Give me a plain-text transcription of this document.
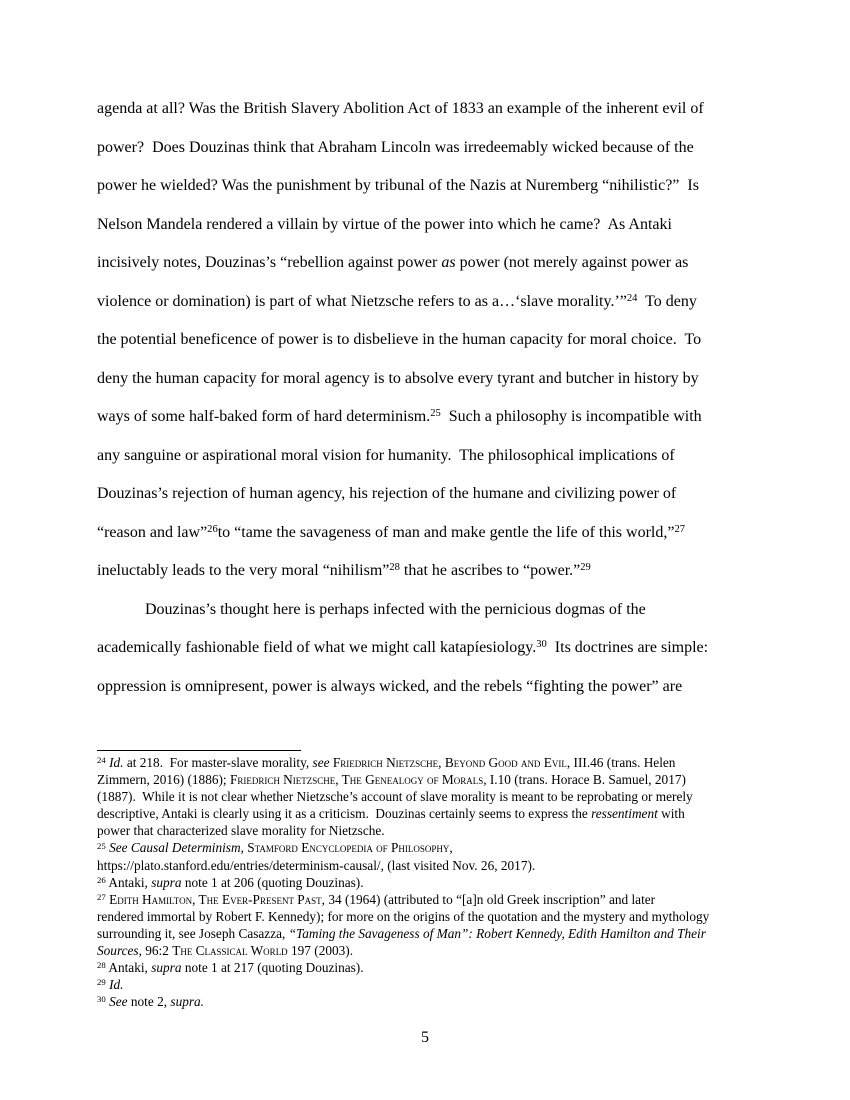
agenda at all? Was the British Slavery Abolition Act of 1833 an example of the inherent evil of
power?  Does Douzinas think that Abraham Lincoln was irredeemably wicked because of the
power he wielded? Was the punishment by tribunal of the Nazis at Nuremberg “nihilistic?”  Is
Nelson Mandela rendered a villain by virtue of the power into which he came?  As Antaki
incisively notes, Douzinas’s “rebellion against power as power (not merely against power as
violence or domination) is part of what Nietzsche refers to as a…‘slave morality.’”$^{24}$  To deny
the potential beneficence of power is to disbelieve in the human capacity for moral choice.  To
deny the human capacity for moral agency is to absolve every tyrant and butcher in history by
ways of some half-baked form of hard determinism.$^{25}$  Such a philosophy is incompatible with
any sanguine or aspirational moral vision for humanity.  The philosophical implications of
Douzinas’s rejection of human agency, his rejection of the humane and civilizing power of
“reason and law”$^{26}$to “tame the savageness of man and make gentle the life of this world,”$^{27}$
ineluctably leads to the very moral “nihilism”$^{28}$ that he ascribes to “power.”$^{29}$
Douzinas’s thought here is perhaps infected with the pernicious dogmas of the
academically fashionable field of what we might call katapíesiology.$^{30}$  Its doctrines are simple:
oppression is omnipresent, power is always wicked, and the rebels “fighting the power” are
$^{24}$ Id. at 218.  For master-slave morality, see Friedrich Nietzsche, Beyond Good and Evil, III.46 (trans. Helen
Zimmern, 2016) (1886); Friedrich Nietzsche, The Genealogy of Morals, I.10 (trans. Horace B. Samuel, 2017)
(1887).  While it is not clear whether Nietzsche’s account of slave morality is meant to be reprobating or merely
descriptive, Antaki is clearly using it as a criticism.  Douzinas certainly seems to express the ressentiment with
power that characterized slave morality for Nietzsche.
$^{25}$ See Causal Determinism, Stamford Encyclopedia of Philosophy,
https://plato.stanford.edu/entries/determinism-causal/, (last visited Nov. 26, 2017).
$^{26}$ Antaki, supra note 1 at 206 (quoting Douzinas).
$^{27}$ Edith Hamilton, The Ever-Present Past, 34 (1964) (attributed to “[a]n old Greek inscription” and later
rendered immortal by Robert F. Kennedy); for more on the origins of the quotation and the mystery and mythology
surrounding it, see Joseph Casazza, “Taming the Savageness of Man”: Robert Kennedy, Edith Hamilton and Their
Sources, 96:2 The Classical World 197 (2003).
$^{28}$ Antaki, supra note 1 at 217 (quoting Douzinas).
$^{29}$ Id.
$^{30}$ See note 2, supra.
5
